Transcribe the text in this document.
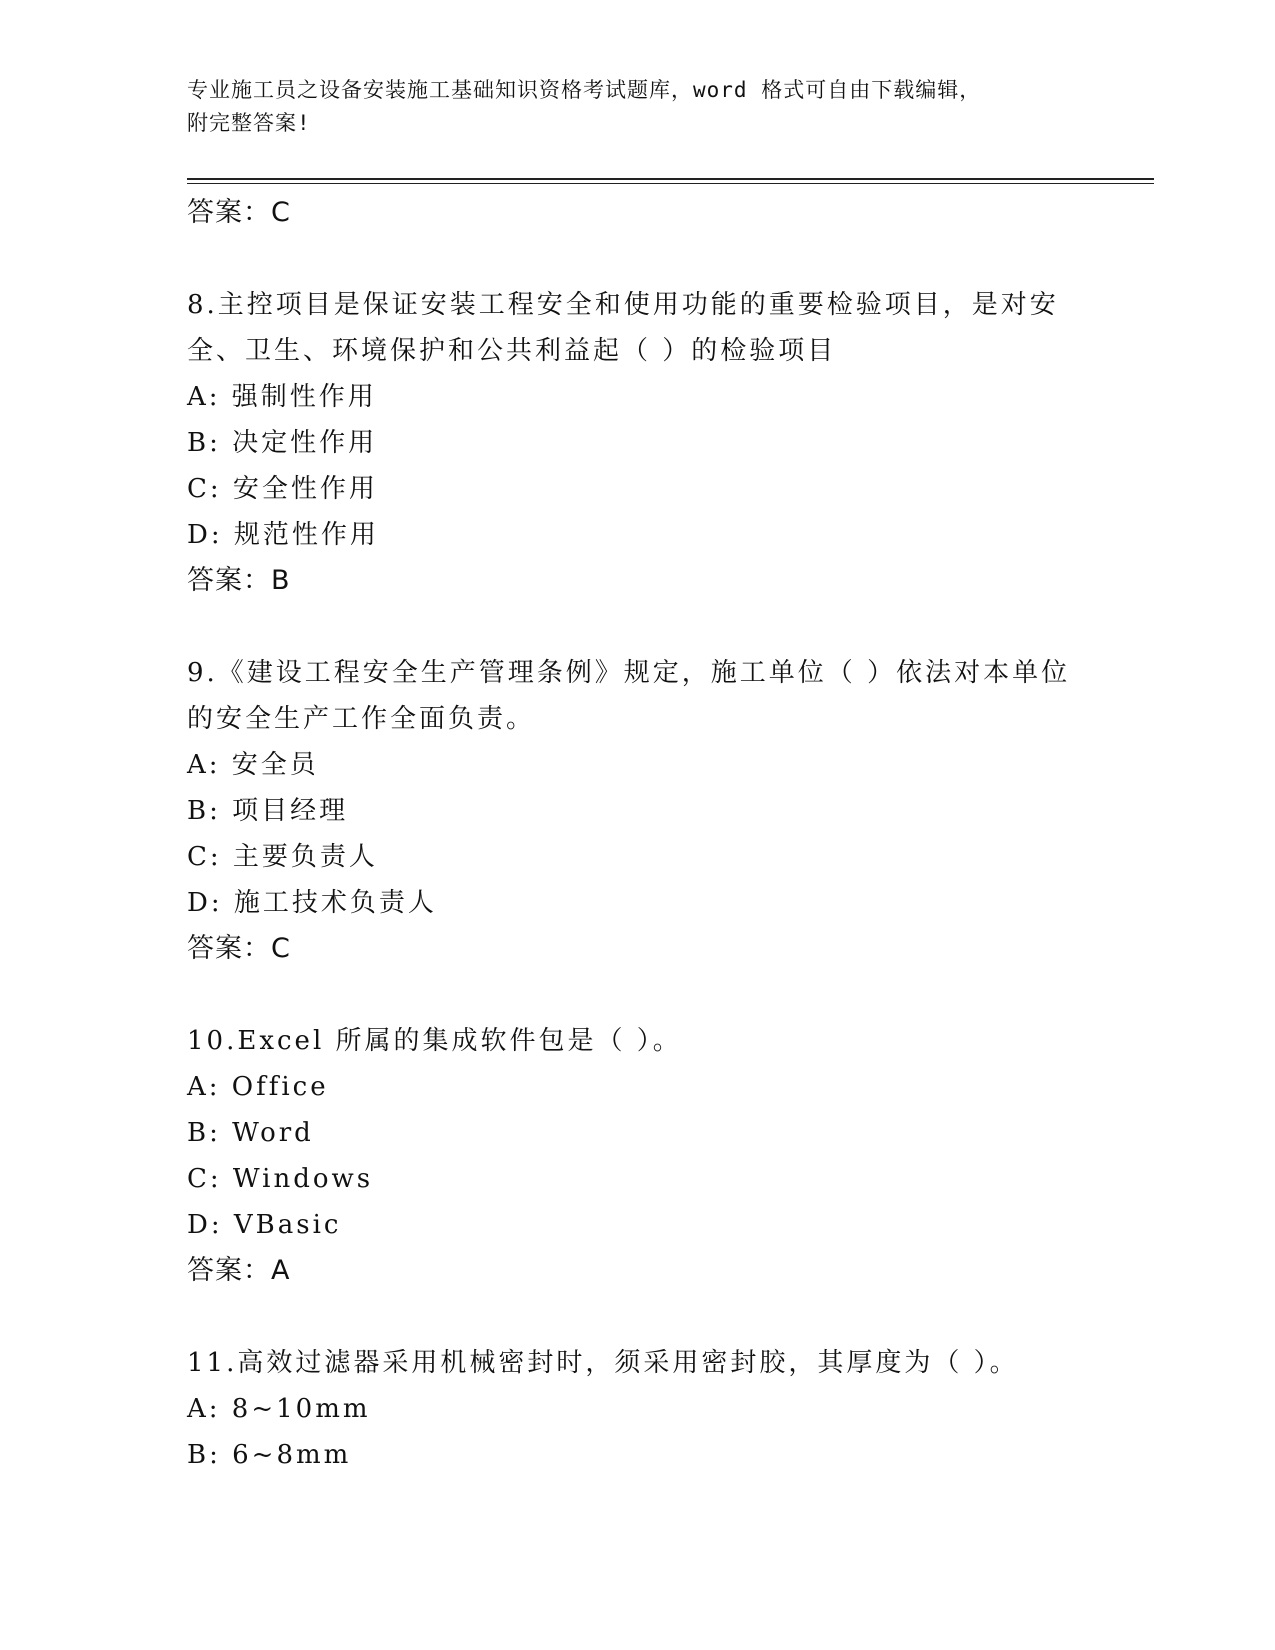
专业施工员之设备安装施工基础知识资格考试题库，word 格式可自由下载编辑，
附完整答案!
答案：C
8.主控项目是保证安装工程安全和使用功能的重要检验项目，是对安
全、卫生、环境保护和公共利益起（ ）的检验项目
A: 强制性作用
B: 决定性作用
C: 安全性作用
D: 规范性作用
答案：B
9.《建设工程安全生产管理条例》规定，施工单位（ ）依法对本单位
的安全生产工作全面负责。
A: 安全员
B: 项目经理
C: 主要负责人
D: 施工技术负责人
答案：C
10.Excel 所属的集成软件包是（ ）。
A: Office
B: Word
C: Windows
D: VBasic
答案：A
11.高效过滤器采用机械密封时，须采用密封胶，其厚度为（ ）。
A: 8~10mm
B: 6~8mm
